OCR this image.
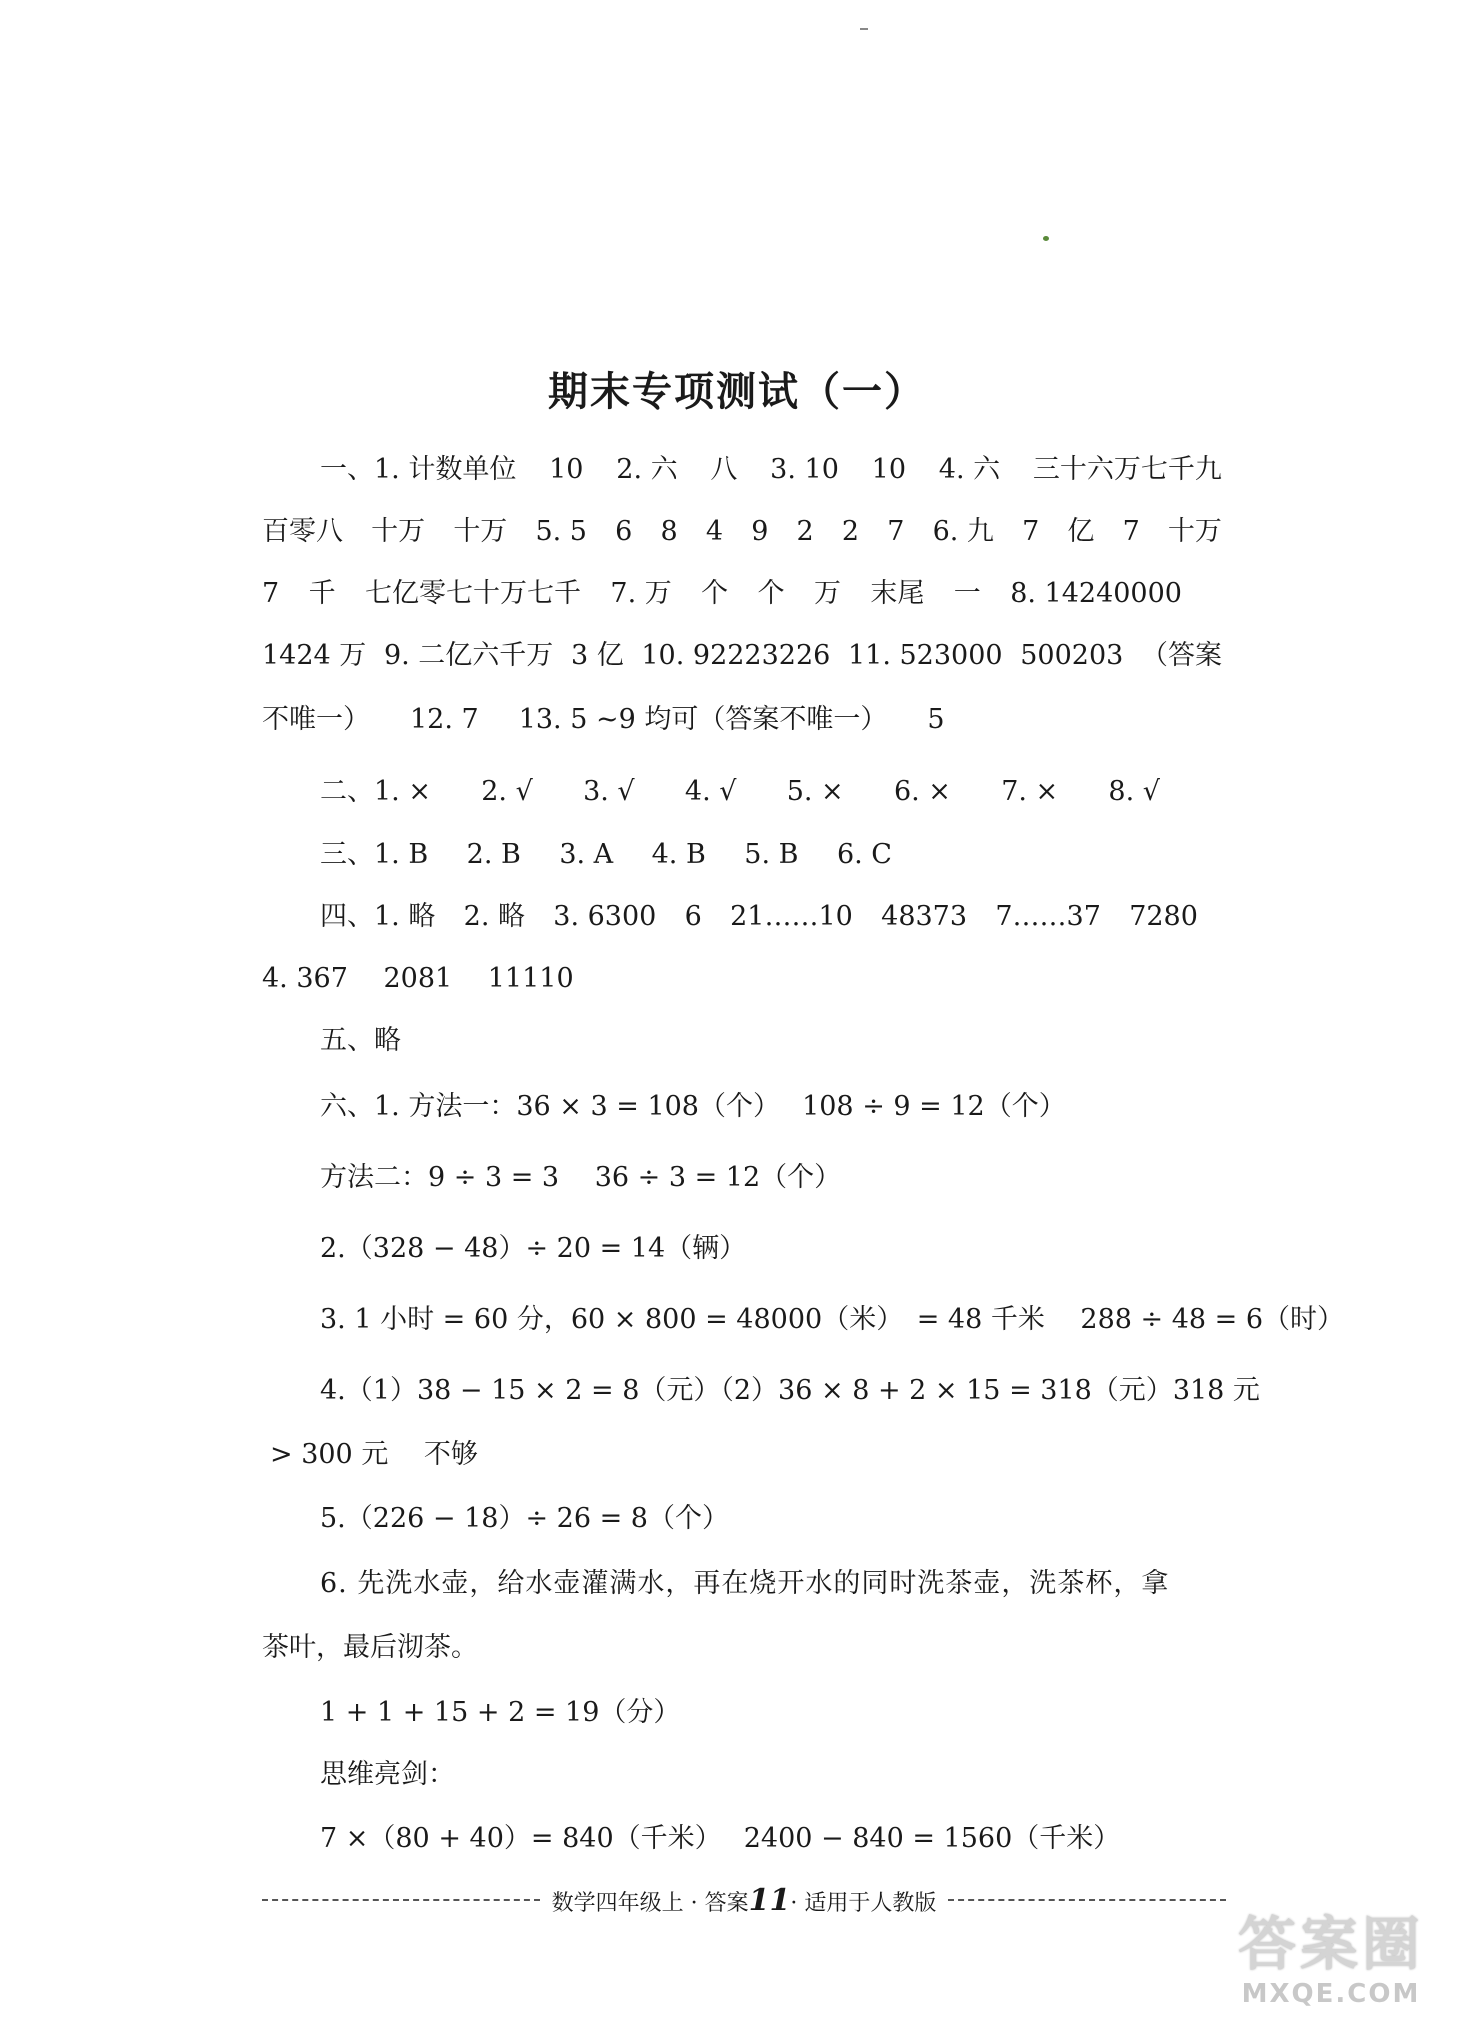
期末专项测试（一）
一、1. 计数单位 10 2. 六 八 3. 10 10 4. 六 三十六万七千九
百零八 十万 十万 5. 5 6 8 4 9 2 2 7 6. 九 7 亿 7 十万
7 千 七亿零七十万七千 7. 万 个 个 万 末尾 一 8. 14240000
1424 万 9. 二亿六千万 3 亿 10. 92223226 11. 523000 500203 （答案
不唯一） 12. 7 13. 5 ~9 均可（答案不唯一） 5
二、1. × 2. √ 3. √ 4. √ 5. × 6. × 7. × 8. √
三、1. B 2. B 3. A 4. B 5. B 6. C
四、1. 略 2. 略 3. 6300 6 21……10 48373 7……37 7280
4. 367　 2081　 11110
五、略
六、1. 方法一：36 × 3 = 108（个）　 108 ÷ 9 = 12（个）
方法二：9 ÷ 3 = 3　 36 ÷ 3 = 12（个）
2.（328 − 48）÷ 20 = 14（辆）
3. 1 小时 = 60 分，60 × 800 = 48000（米）　= 48 千米　 288 ÷ 48 = 6（时）
4.（1）38 − 15 × 2 = 8（元）（2）36 × 8 + 2 × 15 = 318（元） 318 元
> 300 元　 不够
5.（226 − 18）÷ 26 = 8（个）
6. 先洗水壶，给水壶灌满水，再在烧开水的同时洗茶壶，洗茶杯，拿
茶叶，最后沏茶。
1 + 1 + 15 + 2 = 19（分）
思维亮剑：
7 ×（80 + 40）= 840（千米）　 2400 − 840 = 1560（千米）
数学四年级上 · 答案11· 适用于人教版
答案圈
MXQE.COM
